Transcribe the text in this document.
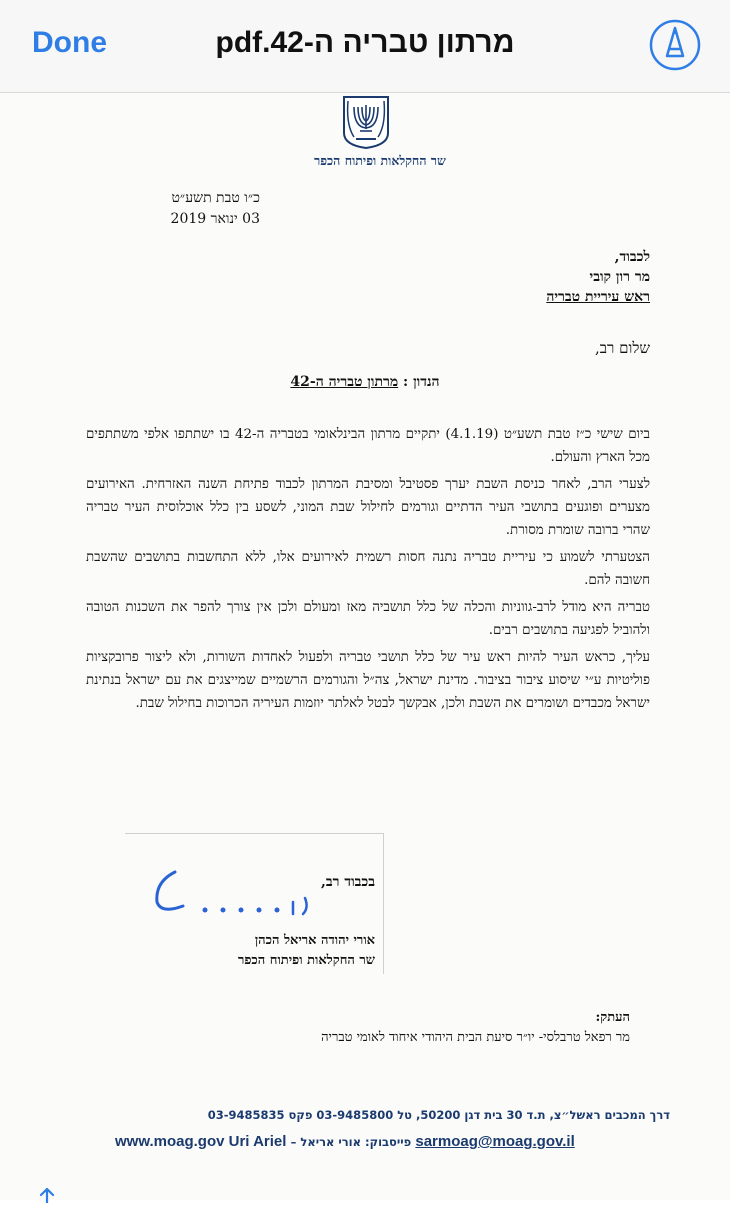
Done	מרתון טבריה ה-42.pdf
שר החקלאות ופיתוח הכפר
כ״ו טבת תשע״ט
03 ינואר 2019
לכבוד,
מר רון קובי
ראש עיריית טבריה
שלום רב,
הנדון : מרתון טבריה ה-42

ביום שישי כ״ז טבת תשע״ט (4.1.19) יתקיים מרתון הבינלאומי בטבריה ה-42 בו ישתתפו אלפי משתתפים מכל הארץ והעולם.

לצערי הרב, לאחר כניסת השבת יערך פסטיבל ומסיבת המרתון לכבוד פתיחת השנה האזרחית. האירועים מצערים ופוגעים בתושבי העיר הדתיים וגורמים לחילול שבת המוני, לשסע בין כלל אוכלוסית העיר טבריה שהרי ברובה שומרת מסורת.

הצטערתי לשמוע כי עיריית טבריה נתנה חסות רשמית לאירועים אלו, ללא התחשבות בתושבים שהשבת חשובה להם.

טבריה היא מודל לרב-גווניות והכלה של כלל תושביה מאז ומעולם ולכן אין צורך להפר את השכנות הטובה ולהוביל לפגיעה בתושבים רבים.

עליך, כראש העיר להיות ראש עיר של כלל תושבי טבריה ולפעול לאחדות השורות, ולא ליצור פרובקציות פוליטיות ע״י שיסוע ציבור בציבור. מדינת ישראל, צה״ל והגורמים הרשמיים שמייצגים את עם ישראל בנתינת ישראל מכבדים ושומרים את השבת ולכן, אבקשך לבטל לאלתר יוזמות העיריה הכרוכות בחילול שבת.

בכבוד רב,
אורי יהודה אריאל הכהן
שר החקלאות ופיתוח הכפר
העתק:
מר רפאל טרבלסי- יו״ר סיעת הבית היהודי איחוד לאומי טבריה
דרך המכבים ראשל״צ, ת.ד 30 בית דגן 50200, טל 03-9485800 פקס 03-9485835
www.moag.gov Uri Ariel – פייסבוק: אורי אריאל sarmoag@moag.gov.il
